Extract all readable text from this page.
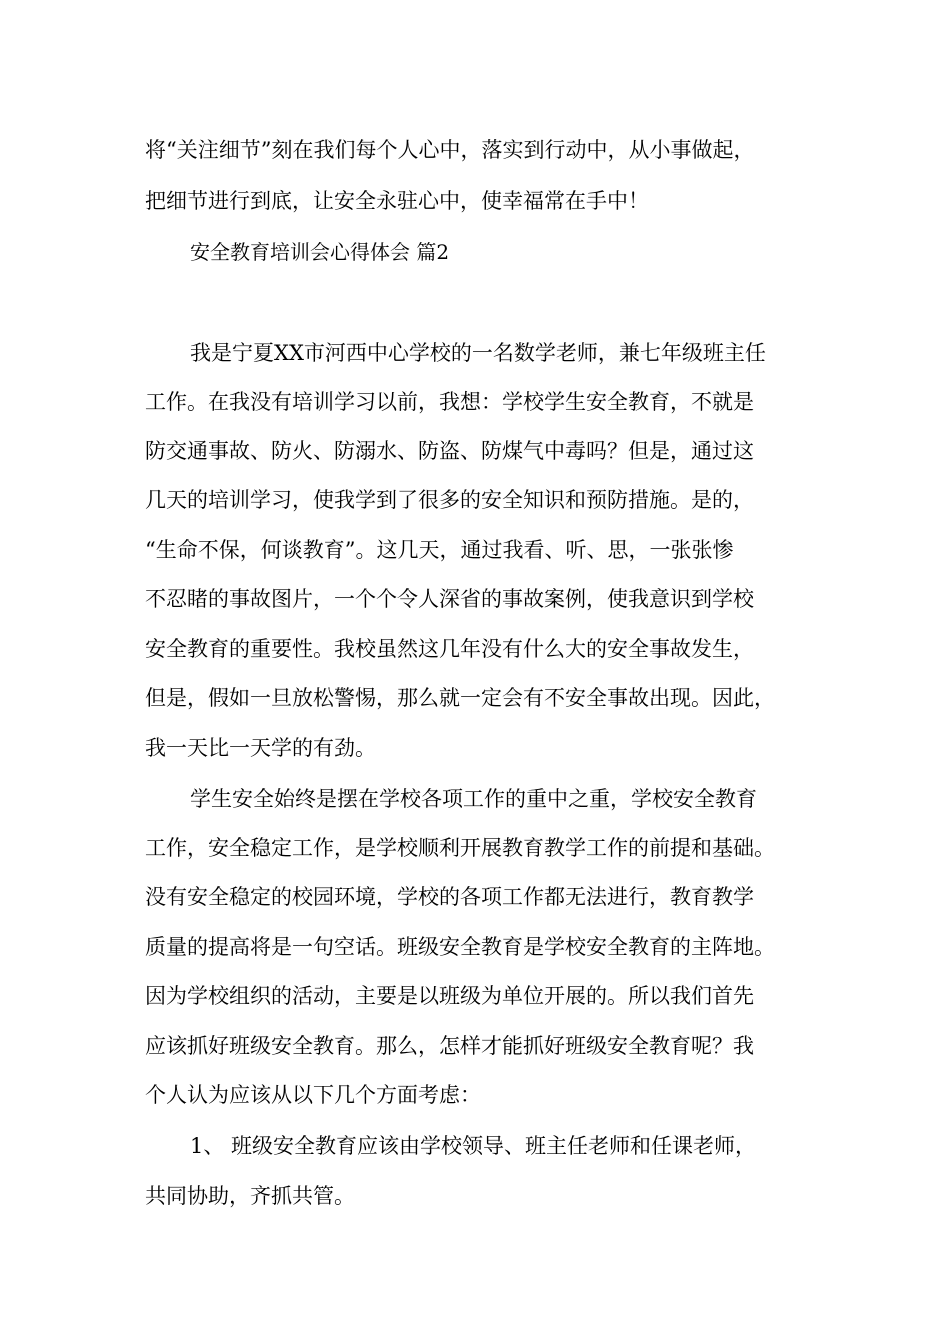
将“关注细节”刻在我们每个人心中，落实到行动中，从小事做起，
把细节进行到底，让安全永驻心中，使幸福常在手中！
安全教育培训会心得体会 篇2
我是宁夏XX市河西中心学校的一名数学老师，兼七年级班主任
工作。在我没有培训学习以前，我想：学校学生安全教育，不就是
防交通事故、防火、防溺水、防盗、防煤气中毒吗？但是，通过这
几天的培训学习，使我学到了很多的安全知识和预防措施。是的，
“生命不保，何谈教育”。这几天，通过我看、听、思，一张张惨
不忍睹的事故图片，一个个令人深省的事故案例，使我意识到学校
安全教育的重要性。我校虽然这几年没有什么大的安全事故发生，
但是，假如一旦放松警惕，那么就一定会有不安全事故出现。因此，
我一天比一天学的有劲。
学生安全始终是摆在学校各项工作的重中之重，学校安全教育
工作，安全稳定工作，是学校顺利开展教育教学工作的前提和基础。
没有安全稳定的校园环境，学校的各项工作都无法进行，教育教学
质量的提高将是一句空话。班级安全教育是学校安全教育的主阵地。
因为学校组织的活动，主要是以班级为单位开展的。所以我们首先
应该抓好班级安全教育。那么，怎样才能抓好班级安全教育呢？我
个人认为应该从以下几个方面考虑：
1、 班级安全教育应该由学校领导、班主任老师和任课老师，
共同协助，齐抓共管。
